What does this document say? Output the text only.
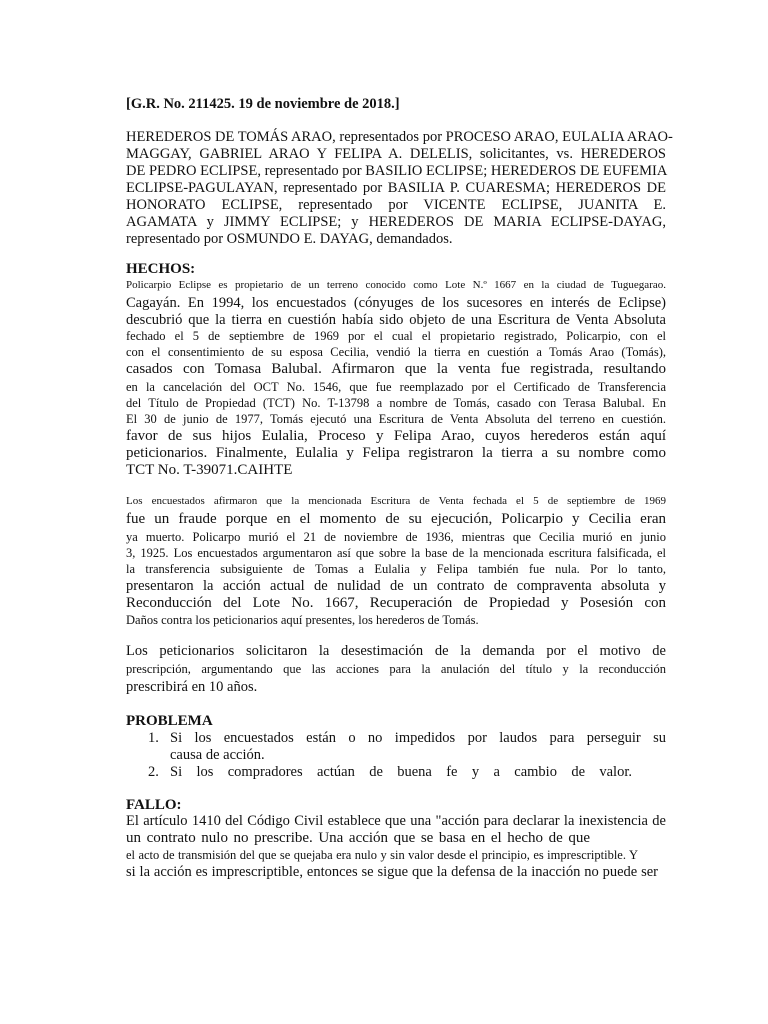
[G.R. No. 211425. 19 de noviembre de 2018.]
HEREDEROS DE TOMÁS ARAO, representados por PROCESO ARAO, EULALIA ARAO-
MAGGAY, GABRIEL ARAO Y FELIPA A. DELELIS, solicitantes, vs. HEREDEROS
DE PEDRO ECLIPSE, representado por BASILIO ECLIPSE; HEREDEROS DE EUFEMIA
ECLIPSE-PAGULAYAN, representado por BASILIA P. CUARESMA; HEREDEROS DE
HONORATO ECLIPSE, representado por VICENTE ECLIPSE, JUANITA E.
AGAMATA y JIMMY ECLIPSE; y HEREDEROS DE MARIA ECLIPSE-DAYAG,
representado por OSMUNDO E. DAYAG, demandados.
HECHOS:
Policarpio Eclipse es propietario de un terreno conocido como Lote N.º 1667 en la ciudad de Tuguegarao.
Cagayán. En 1994, los encuestados (cónyuges de los sucesores en interés de Eclipse)
descubrió que la tierra en cuestión había sido objeto de una Escritura de Venta Absoluta
fechado el 5 de septiembre de 1969 por el cual el propietario registrado, Policarpio, con el
con el consentimiento de su esposa Cecilia, vendió la tierra en cuestión a Tomás Arao (Tomás),
casados con Tomasa Balubal. Afirmaron que la venta fue registrada, resultando
en la cancelación del OCT No. 1546, que fue reemplazado por el Certificado de Transferencia
del Título de Propiedad (TCT) No. T-13798 a nombre de Tomás, casado con Terasa Balubal. En
El 30 de junio de 1977, Tomás ejecutó una Escritura de Venta Absoluta del terreno en cuestión.
favor de sus hijos Eulalia, Proceso y Felipa Arao, cuyos herederos están aquí
peticionarios. Finalmente, Eulalia y Felipa registraron la tierra a su nombre como
TCT No. T-39071.CAIHTE
Los encuestados afirmaron que la mencionada Escritura de Venta fechada el 5 de septiembre de 1969
fue un fraude porque en el momento de su ejecución, Policarpio y Cecilia eran
ya muerto. Policarpo murió el 21 de noviembre de 1936, mientras que Cecilia murió en junio
3, 1925. Los encuestados argumentaron así que sobre la base de la mencionada escritura falsificada, el
la transferencia subsiguiente de Tomas a Eulalia y Felipa también fue nula. Por lo tanto,
presentaron la acción actual de nulidad de un contrato de compraventa absoluta y
Reconducción del Lote No. 1667, Recuperación de Propiedad y Posesión con
Daños contra los peticionarios aquí presentes, los herederos de Tomás.
Los peticionarios solicitaron la desestimación de la demanda por el motivo de
prescripción, argumentando que las acciones para la anulación del título y la reconducción
prescribirá en 10 años.
PROBLEMA
1. Si los encuestados están o no impedidos por laudos para perseguir su
causa de acción.
2. Si los compradores actúan de buena fe y a cambio de valor.
FALLO:
El artículo 1410 del Código Civil establece que una "acción para declarar la inexistencia de
un contrato nulo no prescribe. Una acción que se basa en el hecho de que
el acto de transmisión del que se quejaba era nulo y sin valor desde el principio, es imprescriptible. Y
si la acción es imprescriptible, entonces se sigue que la defensa de la inacción no puede ser
